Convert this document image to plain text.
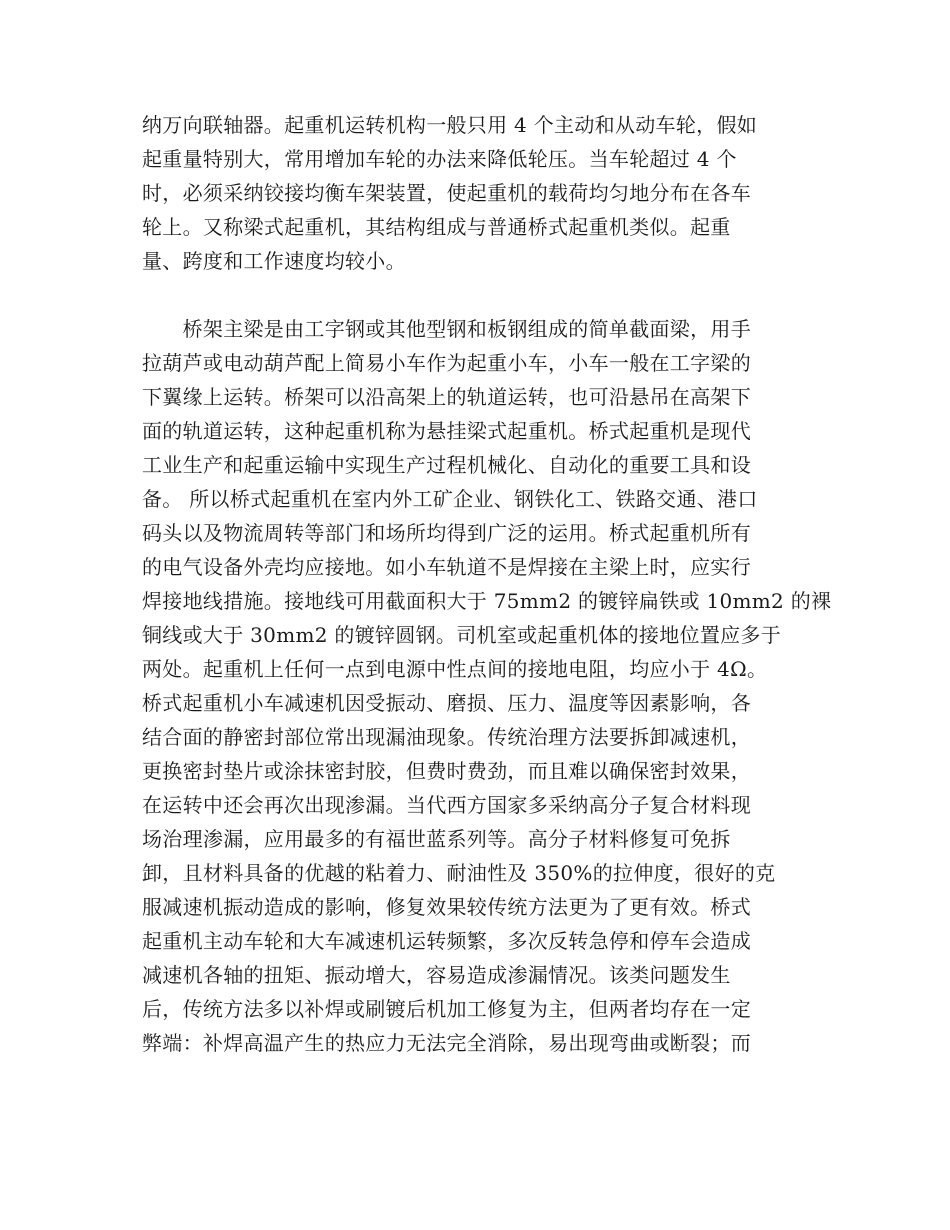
纳万向联轴器。起重机运转机构一般只用 4 个主动和从动车轮，假如
起重量特别大，常用增加车轮的办法来降低轮压。当车轮超过 4 个
时，必须采纳铰接均衡车架装置，使起重机的载荷均匀地分布在各车
轮上。又称梁式起重机，其结构组成与普通桥式起重机类似。起重
量、跨度和工作速度均较小。
　　桥架主梁是由工字钢或其他型钢和板钢组成的简单截面梁，用手
拉葫芦或电动葫芦配上简易小车作为起重小车，小车一般在工字梁的
下翼缘上运转。桥架可以沿高架上的轨道运转，也可沿悬吊在高架下
面的轨道运转，这种起重机称为悬挂梁式起重机。桥式起重机是现代
工业生产和起重运输中实现生产过程机械化、自动化的重要工具和设
备。 所以桥式起重机在室内外工矿企业、钢铁化工、铁路交通、港口
码头以及物流周转等部门和场所均得到广泛的运用。桥式起重机所有
的电气设备外壳均应接地。如小车轨道不是焊接在主梁上时，应实行
焊接地线措施。接地线可用截面积大于 75mm2 的镀锌扁铁或 10mm2 的裸
铜线或大于 30mm2 的镀锌圆钢。司机室或起重机体的接地位置应多于
两处。起重机上任何一点到电源中性点间的接地电阻，均应小于 4Ω。
桥式起重机小车减速机因受振动、磨损、压力、温度等因素影响，各
结合面的静密封部位常出现漏油现象。传统治理方法要拆卸减速机，
更换密封垫片或涂抹密封胶，但费时费劲，而且难以确保密封效果，
在运转中还会再次出现渗漏。当代西方国家多采纳高分子复合材料现
场治理渗漏，应用最多的有福世蓝系列等。高分子材料修复可免拆
卸，且材料具备的优越的粘着力、耐油性及 350%的拉伸度，很好的克
服减速机振动造成的影响，修复效果较传统方法更为了更有效。桥式
起重机主动车轮和大车减速机运转频繁，多次反转急停和停车会造成
减速机各轴的扭矩、振动增大，容易造成渗漏情况。该类问题发生
后，传统方法多以补焊或刷镀后机加工修复为主，但两者均存在一定
弊端：补焊高温产生的热应力无法完全消除，易出现弯曲或断裂；而
